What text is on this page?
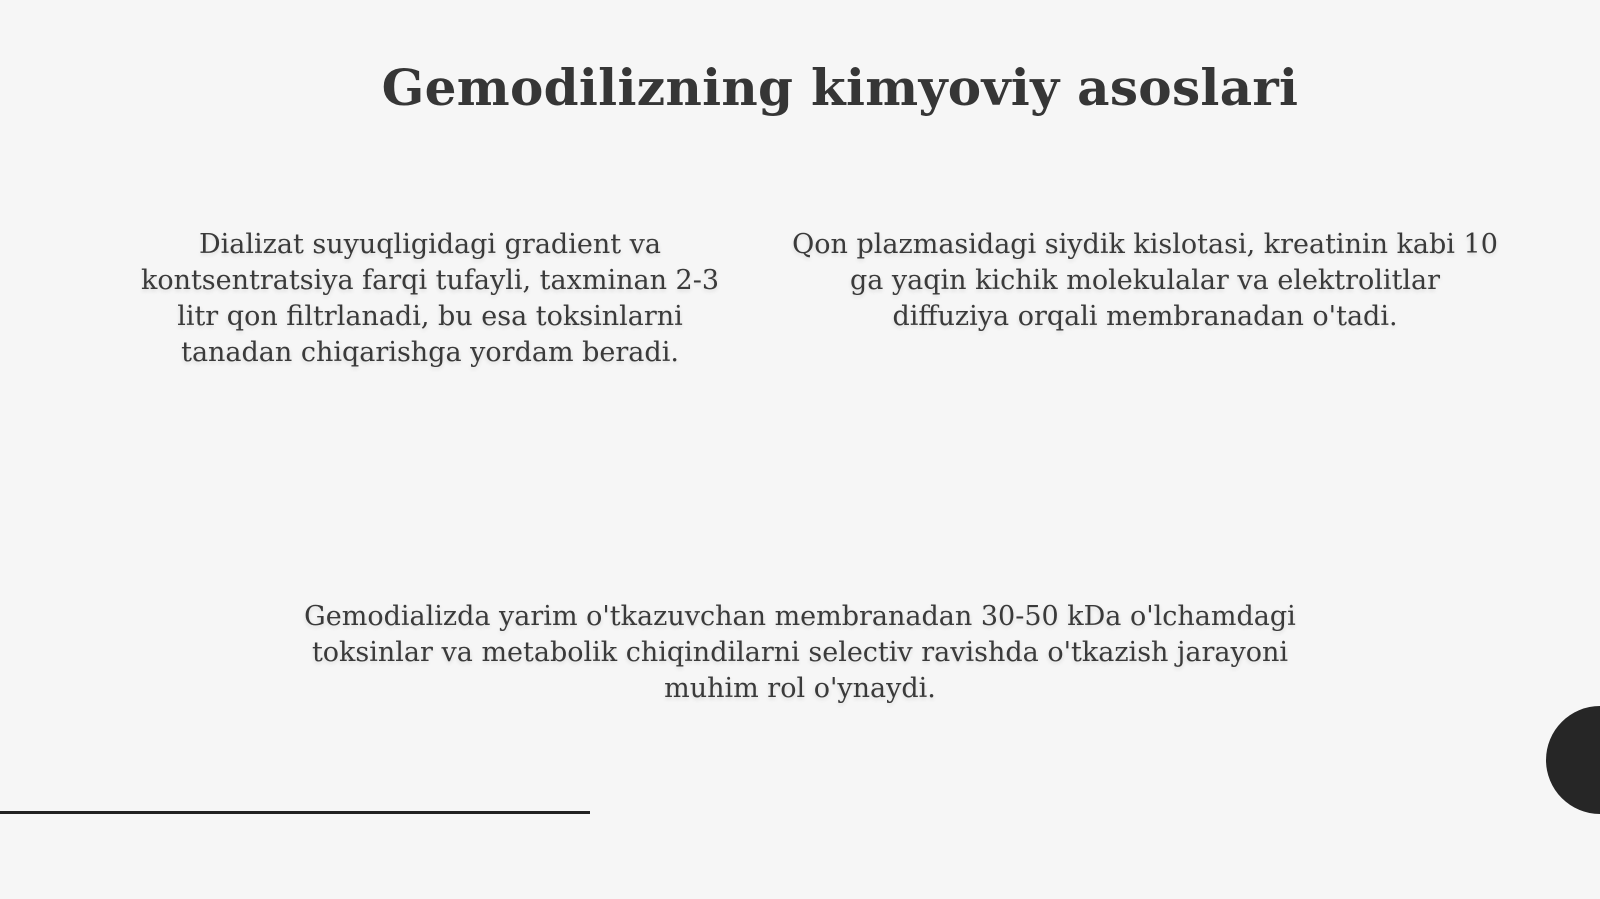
Gemodilizning kimyoviy asoslari

Dializat suyuqligidagi gradient va kontsentratsiya farqi tufayli, taxminan 2-3 litr qon filtrlanadi, bu esa toksinlarni tanadan chiqarishga yordam beradi.

Qon plazmasidagi siydik kislotasi, kreatinin kabi 10 ga yaqin kichik molekulalar va elektrolitlar diffuziya orqali membranadan o'tadi.

Gemodializda yarim o'tkazuvchan membranadan 30-50 kDa o'lchamdagi toksinlar va metabolik chiqindilarni selectiv ravishda o'tkazish jarayoni muhim rol o'ynaydi.
